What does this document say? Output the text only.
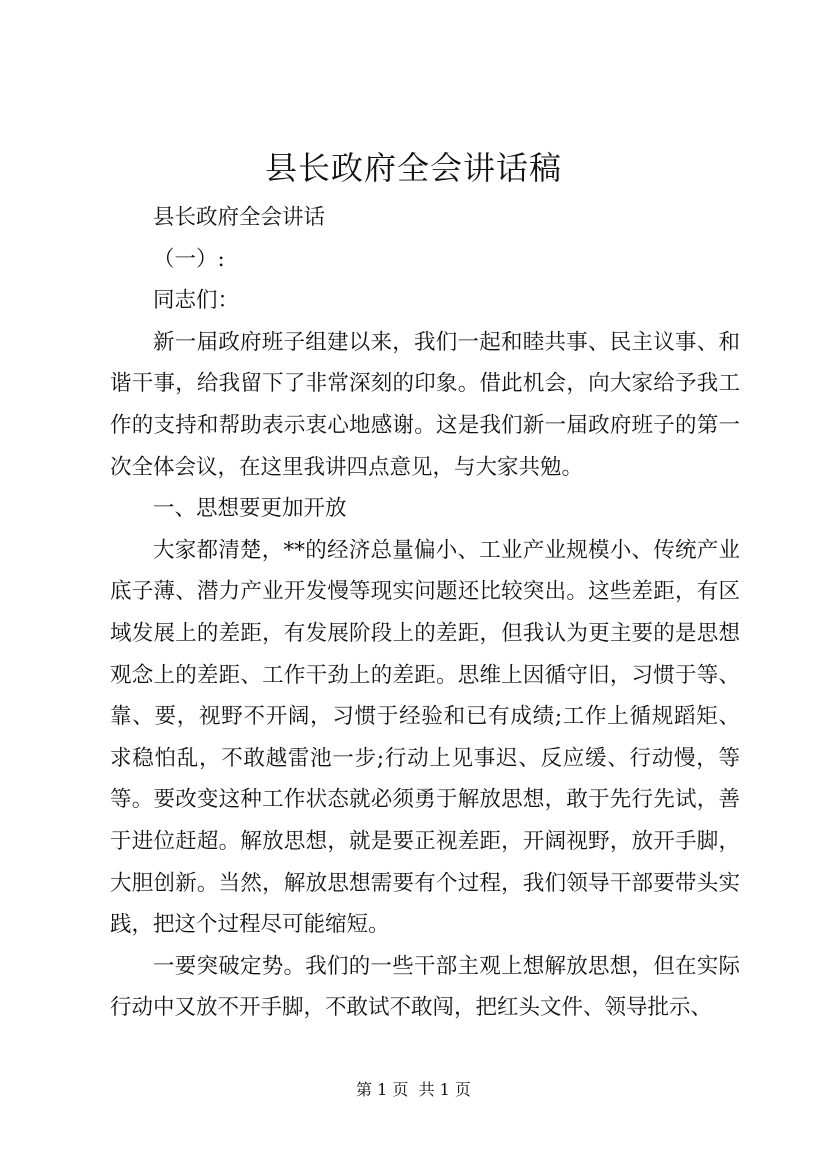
县长政府全会讲话稿

县长政府全会讲话

（一）:

同志们：

新一届政府班子组建以来，我们一起和睦共事、民主议事、和谐干事，给我留下了非常深刻的印象。借此机会，向大家给予我工作的支持和帮助表示衷心地感谢。这是我们新一届政府班子的第一次全体会议，在这里我讲四点意见，与大家共勉。

一、思想要更加开放

大家都清楚，**的经济总量偏小、工业产业规模小、传统产业底子薄、潜力产业开发慢等现实问题还比较突出。这些差距，有区域发展上的差距，有发展阶段上的差距，但我认为更主要的是思想观念上的差距、工作干劲上的差距。思维上因循守旧，习惯于等、靠、要，视野不开阔，习惯于经验和已有成绩;工作上循规蹈矩、求稳怕乱，不敢越雷池一步;行动上见事迟、反应缓、行动慢，等等。要改变这种工作状态就必须勇于解放思想，敢于先行先试，善于进位赶超。解放思想，就是要正视差距，开阔视野，放开手脚，大胆创新。当然，解放思想需要有个过程，我们领导干部要带头实践，把这个过程尽可能缩短。

一要突破定势。我们的一些干部主观上想解放思想，但在实际行动中又放不开手脚，不敢试不敢闯，把红头文件、领导批示、

第 1 页  共 1 页
